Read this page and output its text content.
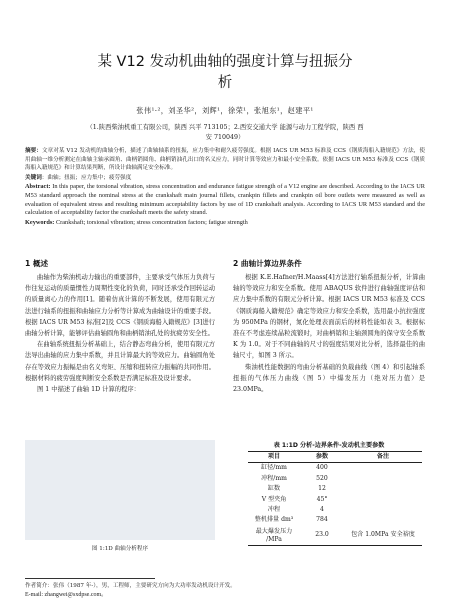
某 V12 发动机曲轴的强度计算与扭振分
析
张伟¹·²，刘圣华²，刘辉¹，徐荣¹，张旭东¹，赵建平¹
（1.陕西柴油机重工有限公司，陕西 兴平 713105；2.西安交通大学 能源与动力工程学院，陕西 西
安 710049）

摘要：文章对某 V12 发动机的曲轴分析，描述了曲轴轴系的扭振，应力集中和耐久疲劳强度。根据 IACS UR M53 标准及 CCS《钢质海船入籍规范》方法，使用曲轴一维分析测定在曲轴主轴承圆角、曲柄销圆角、曲柄销油孔出口的名义应力，同时计算等效应力和最小安全系数。依据 IACS UR M53 标准及 CCS《钢质海船入籍规范》和计算结果判断，所设计曲轴满足安全标准。

关键词：曲轴；扭振；应力集中；疲劳强度

Abstract: In this paper, the torsional vibration, stress concentration and endurance fatigue strength of a V12 engine are described. According to the IACS UR M53 standard approach the nominal stress at the crankshaft main journal fillets, crankpin fillets and crankpin oil bore outlets were measured as well as evaluation of equivalent stress and resulting minimum acceptability factors by use of 1D crankshaft analysis. According to IACS UR M53 standard and the calculation of acceptability factor the crankshaft meets the safety strand.

Keywords: Crankshaft; torsional vibration; stress concentration factors; fatigue strength

1 概述

曲轴作为柴油机动力输出的重要部件，主要承受气体压力负荷与作往复运动的质量惯性力周期性变化的负荷，同时还承受作回转运动的质量离心力的作用[1]。随着仿真计算的不断发展，使用有限元方法进行轴系的扭振和曲轴应力分析等计算成为曲轴设计的重要手段。根据 IACS UR M53 标准[2]及 CCS《钢质海船入籍规范》[3]进行曲轴分析计算，能够评估曲轴圆角和曲柄销油孔处的抗疲劳安全性。

在曲轴系统扭振分析基础上，结合静态弯曲分析，使用有限元方法导出曲轴的应力集中系数，并且计算最大的等效应力。曲轴圆角处存在等效应力振幅是由名义弯矩、压缩和扭转应力振幅的共同作用。根据材料的疲劳强度判断安全系数是否满足标准及设计要求。

图 1 中描述了曲轴 1D 计算的程序：

图 1:1D 曲轴分析程序
2 曲轴计算边界条件

根据 K.E.Hafner/H.Maass[4]方法进行轴系扭振分析，计算曲轴的等效应力和安全系数。使用 ABAQUS 软件进行曲轴强度评估和应力集中系数的有限元分析计算。根据 IACS UR M53 标准及 CCS《钢质海船入籍规范》确定等效应力和安全系数，选用最小抗拉强度为 950MPa 的钢材，氮化处理表面前后的材料性能如表 3。根据标准在不考虑连续晶粒流锻时，对曲柄销和主轴颈圆角的保守安全系数 K 为 1.0。对于不同曲轴的尺寸的强度结果对比分析，选择最佳的曲轴尺寸，如图 3 所示。

柴油机性能数据的弯曲分析基础的负载曲线（图 4）和引起轴系扭振的气体压力曲线（图 5）中爆发压力（绝对压力值）是 23.0MPa。

表 1:1D 分析-边界条件-发动机主要参数
项目	参数	备注
缸径/mm	400	
冲程/mm	520	
缸数	12	
V 型夹角	45°	
冲程	4	
整机排量 dm³	784	

最大爆发压力
/MPa	23.0	包含 1.0MPa 安全裕度
作者简介：张伟（1987 年-），男，工程师，主要研究方向为大功率发动机设计开发。
E-mail: zhangwei@sxdpse.com。
